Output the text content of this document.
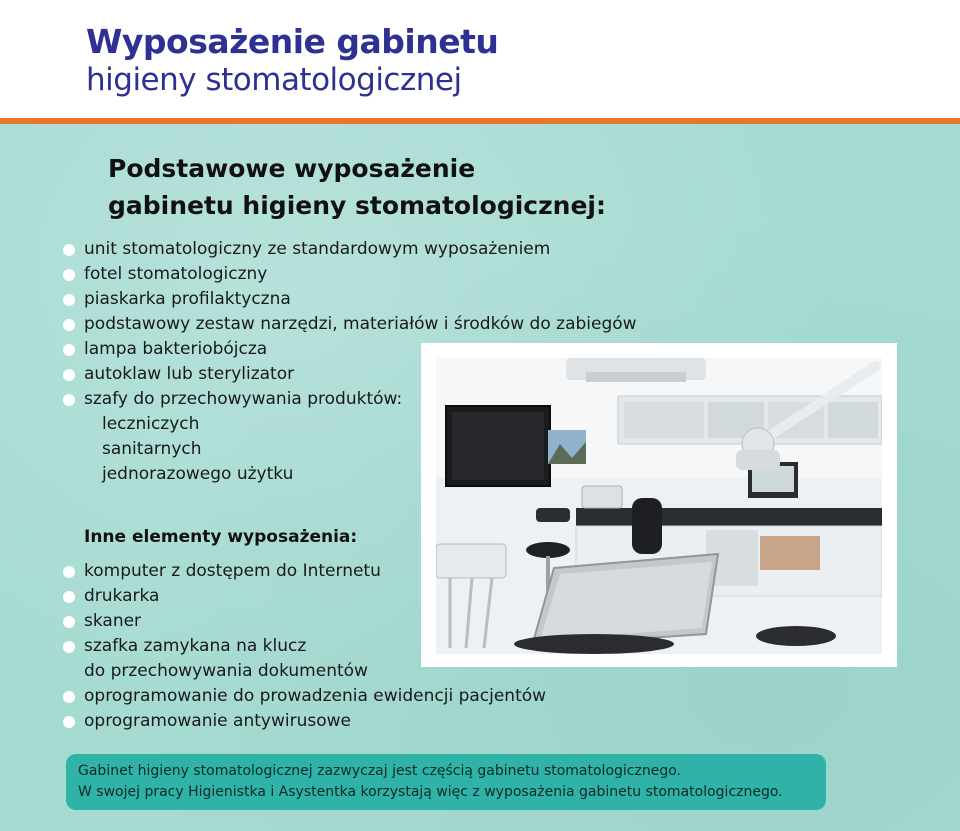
Wyposażenie gabinetu
higieny stomatologicznej
Podstawowe wyposażenie
gabinetu higieny stomatologicznej:
unit stomatologiczny ze standardowym wyposażeniem
fotel stomatologiczny
piaskarka profilaktyczna
podstawowy zestaw narzędzi, materiałów i środków do zabiegów
lampa bakteriobójcza
autoklaw lub sterylizator
szafy do przechowywania produktów:
leczniczych
sanitarnych
jednorazowego użytku
Inne elementy wyposażenia:
komputer z dostępem do Internetu
drukarka
skaner
szafka zamykana na klucz
do przechowywania dokumentów
oprogramowanie do prowadzenia ewidencji pacjentów
oprogramowanie antywirusowe
Gabinet higieny stomatologicznej zazwyczaj jest częścią gabinetu stomatologicznego.
W swojej pracy Higienistka i Asystentka korzystają więc z wyposażenia gabinetu stomatologicznego.
